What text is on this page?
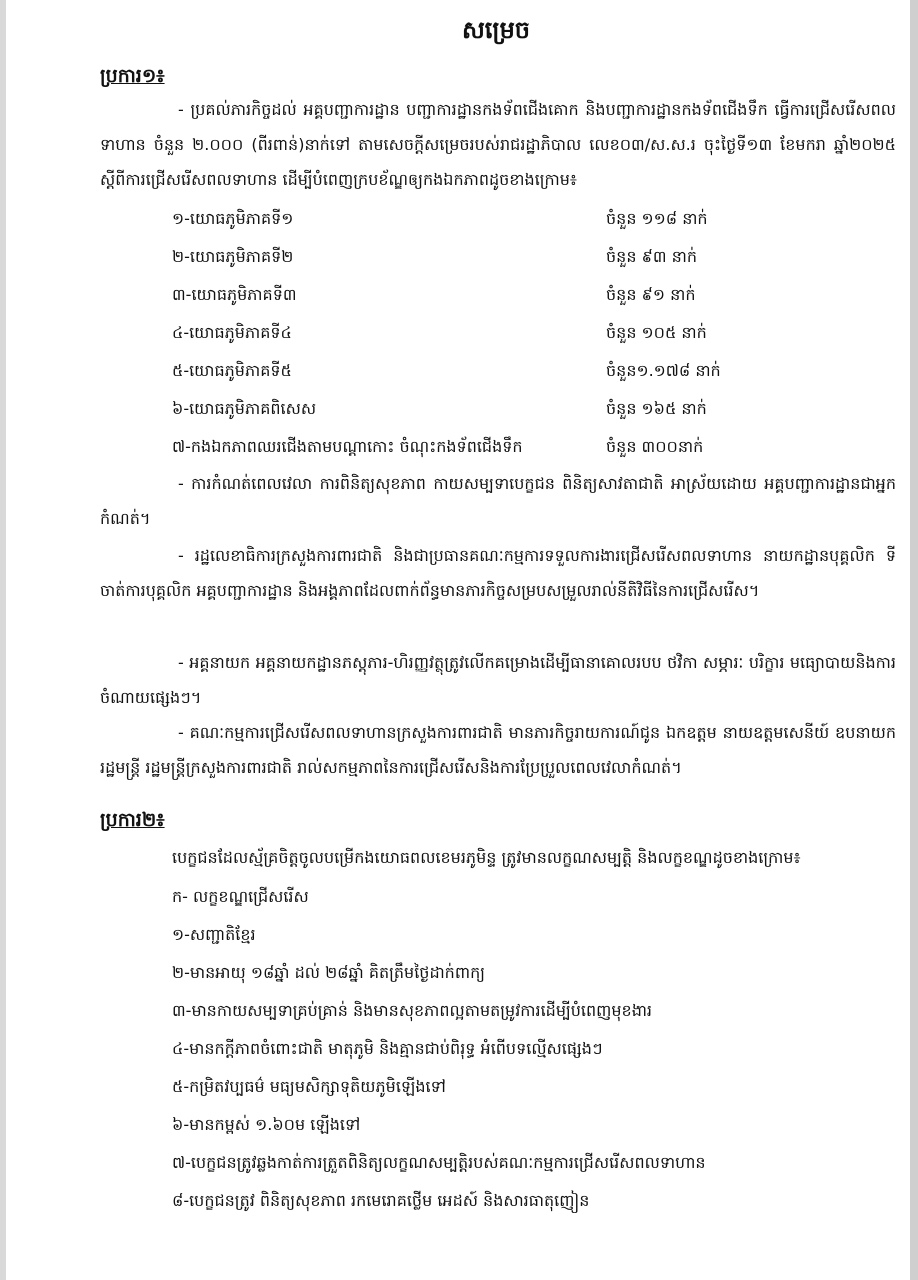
សម្រេច
ប្រការ១៖

- ប្រគល់ភារកិច្ចដល់ អគ្គបញ្ជាការដ្ឋាន បញ្ជាការដ្ឋានកងទ័ពជើងគោក និងបញ្ជាការដ្ឋានកងទ័ពជើងទឹក ធ្វើការជ្រើសរើសពលទាហាន ចំនួន ២.០០០ (ពីរពាន់)នាក់ទៅ តាមសេចក្តីសម្រេចរបស់រាជរដ្ឋាភិបាល លេខ០៣/ស.ស.រ ចុះថ្ងៃទី១៣ ខែមករា ឆ្នាំ២០២៥ ស្តីពីការជ្រើសរើសពលទាហាន ដើម្បីបំពេញក្របខ័ណ្ឌឲ្យកងឯកភាពដូចខាងក្រោម៖

១-យោធភូមិភាគទី១	ចំនួន ១១៨ នាក់
២-យោធភូមិភាគទី២	ចំនួន ៩៣ នាក់
៣-យោធភូមិភាគទី៣	ចំនួន ៩១ នាក់
៤-យោធភូមិភាគទី៤	ចំនួន ១០៥ នាក់
៥-យោធភូមិភាគទី៥	ចំនួន១.១៧៨ នាក់
៦-យោធភូមិភាគពិសេស	ចំនួន ១៦៥ នាក់
៧-កងឯកភាពឈរជើងតាមបណ្តាកោះ ចំណុះកងទ័ពជើងទឹក	ចំនួន ៣០០នាក់

- ការកំណត់ពេលវេលា ការពិនិត្យសុខភាព កាយសម្បទាបេក្ខជន ពិនិត្យសាវតាជាតិ អាស្រ័យដោយ អគ្គបញ្ជាការដ្ឋានជាអ្នកកំណត់។

- រដ្ឋលេខាធិការក្រសួងការពារជាតិ និងជាប្រធានគណៈកម្មការទទួលការងារជ្រើសរើសពលទាហាន នាយកដ្ឋានបុគ្គលិក ទីចាត់ការបុគ្គលិក អគ្គបញ្ជាការដ្ឋាន និងអង្គភាពដែលពាក់ព័ន្ធមានភារកិច្ចសម្របសម្រួលរាល់នីតិវិធីនៃការជ្រើសរើស។

- អគ្គនាយក អគ្គនាយកដ្ឋានភស្តុភារ-ហិរញ្ញវត្ថុត្រូវលើកគម្រោងដើម្បីធានាគោលរបប ថវិកា សម្ភារៈ បរិក្ខារ មធ្យោបាយនិងការចំណាយផ្សេងៗ។

- គណៈកម្មការជ្រើសរើសពលទាហានក្រសួងការពារជាតិ មានភារកិច្ចរាយការណ៍ជូន ឯកឧត្តម នាយឧត្តមសេនីយ៍ ឧបនាយករដ្ឋមន្ត្រី រដ្ឋមន្ត្រីក្រសួងការពារជាតិ រាល់សកម្មភាពនៃការជ្រើសរើសនិងការប្រែប្រួលពេលវេលាកំណត់។

ប្រការ២៖

បេក្ខជនដែលស្ម័គ្រចិត្តចូលបម្រើកងយោធពលខេមរភូមិន្ទ ត្រូវមានលក្ខណសម្បត្តិ និងលក្ខខណ្ឌដូចខាងក្រោម៖

ក- លក្ខខណ្ឌជ្រើសរើស
១-សញ្ជាតិខ្មែរ
២-មានអាយុ ១៨ឆ្នាំ ដល់ ២៨ឆ្នាំ គិតត្រឹមថ្ងៃដាក់ពាក្យ
៣-មានកាយសម្បទាគ្រប់គ្រាន់ និងមានសុខភាពល្អតាមតម្រូវការដើម្បីបំពេញមុខងារ
៤-មានកក្តីភាពចំពោះជាតិ មាតុភូមិ និងគ្មានជាប់ពិរុទ្ធ អំពើបទល្មើសផ្សេងៗ
៥-កម្រិតវប្បធម៌ មធ្យមសិក្សាទុតិយភូមិឡើងទៅ
៦-មានកម្ពស់ ១.៦០ម ឡើងទៅ
៧-បេក្ខជនត្រូវឆ្លងកាត់ការត្រួតពិនិត្យលក្ខណសម្បត្តិរបស់គណៈកម្មការជ្រើសរើសពលទាហាន
៨-បេក្ខជនត្រូវ ពិនិត្យសុខភាព រកមេរោគថ្លើម អេដស៍ និងសារធាតុញៀន
